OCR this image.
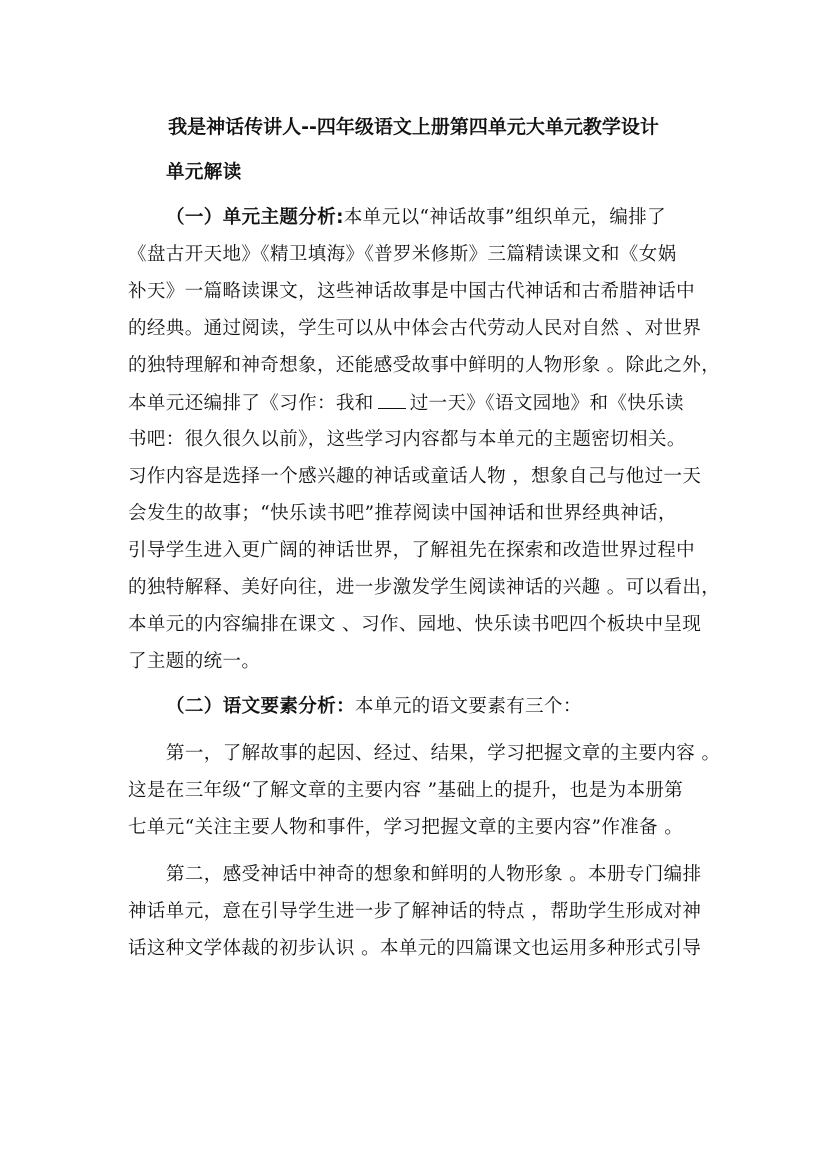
我是神话传讲人--四年级语文上册第四单元大单元教学设计
单元解读
（一）单元主题分析:本单元以“神话故事”组织单元，编排了
《盘古开天地》《精卫填海》《普罗米修斯》三篇精读课文和《女娲
补天》一篇略读课文，这些神话故事是中国古代神话和古希腊神话中
的经典。通过阅读，学生可以从中体会古代劳动人民对自然 、对世界
的独特理解和神奇想象，还能感受故事中鲜明的人物形象 。除此之外，
本单元还编排了《习作：我和 过一天》《语文园地》和《快乐读
书吧：很久很久以前》，这些学习内容都与本单元的主题密切相关。
习作内容是选择一个感兴趣的神话或童话人物 ，想象自己与他过一天
会发生的故事；“快乐读书吧”推荐阅读中国神话和世界经典神话，
引导学生进入更广阔的神话世界，了解祖先在探索和改造世界过程中
的独特解释、美好向往，进一步激发学生阅读神话的兴趣 。可以看出，
本单元的内容编排在课文 、习作、园地、快乐读书吧四个板块中呈现
了主题的统一。
（二）语文要素分析：本单元的语文要素有三个：
第一，了解故事的起因、经过、结果，学习把握文章的主要内容 。
这是在三年级“了解文章的主要内容 ”基础上的提升，也是为本册第
七单元“关注主要人物和事件，学习把握文章的主要内容”作准备 。
第二，感受神话中神奇的想象和鲜明的人物形象 。本册专门编排
神话单元，意在引导学生进一步了解神话的特点 ，帮助学生形成对神
话这种文学体裁的初步认识 。本单元的四篇课文也运用多种形式引导
